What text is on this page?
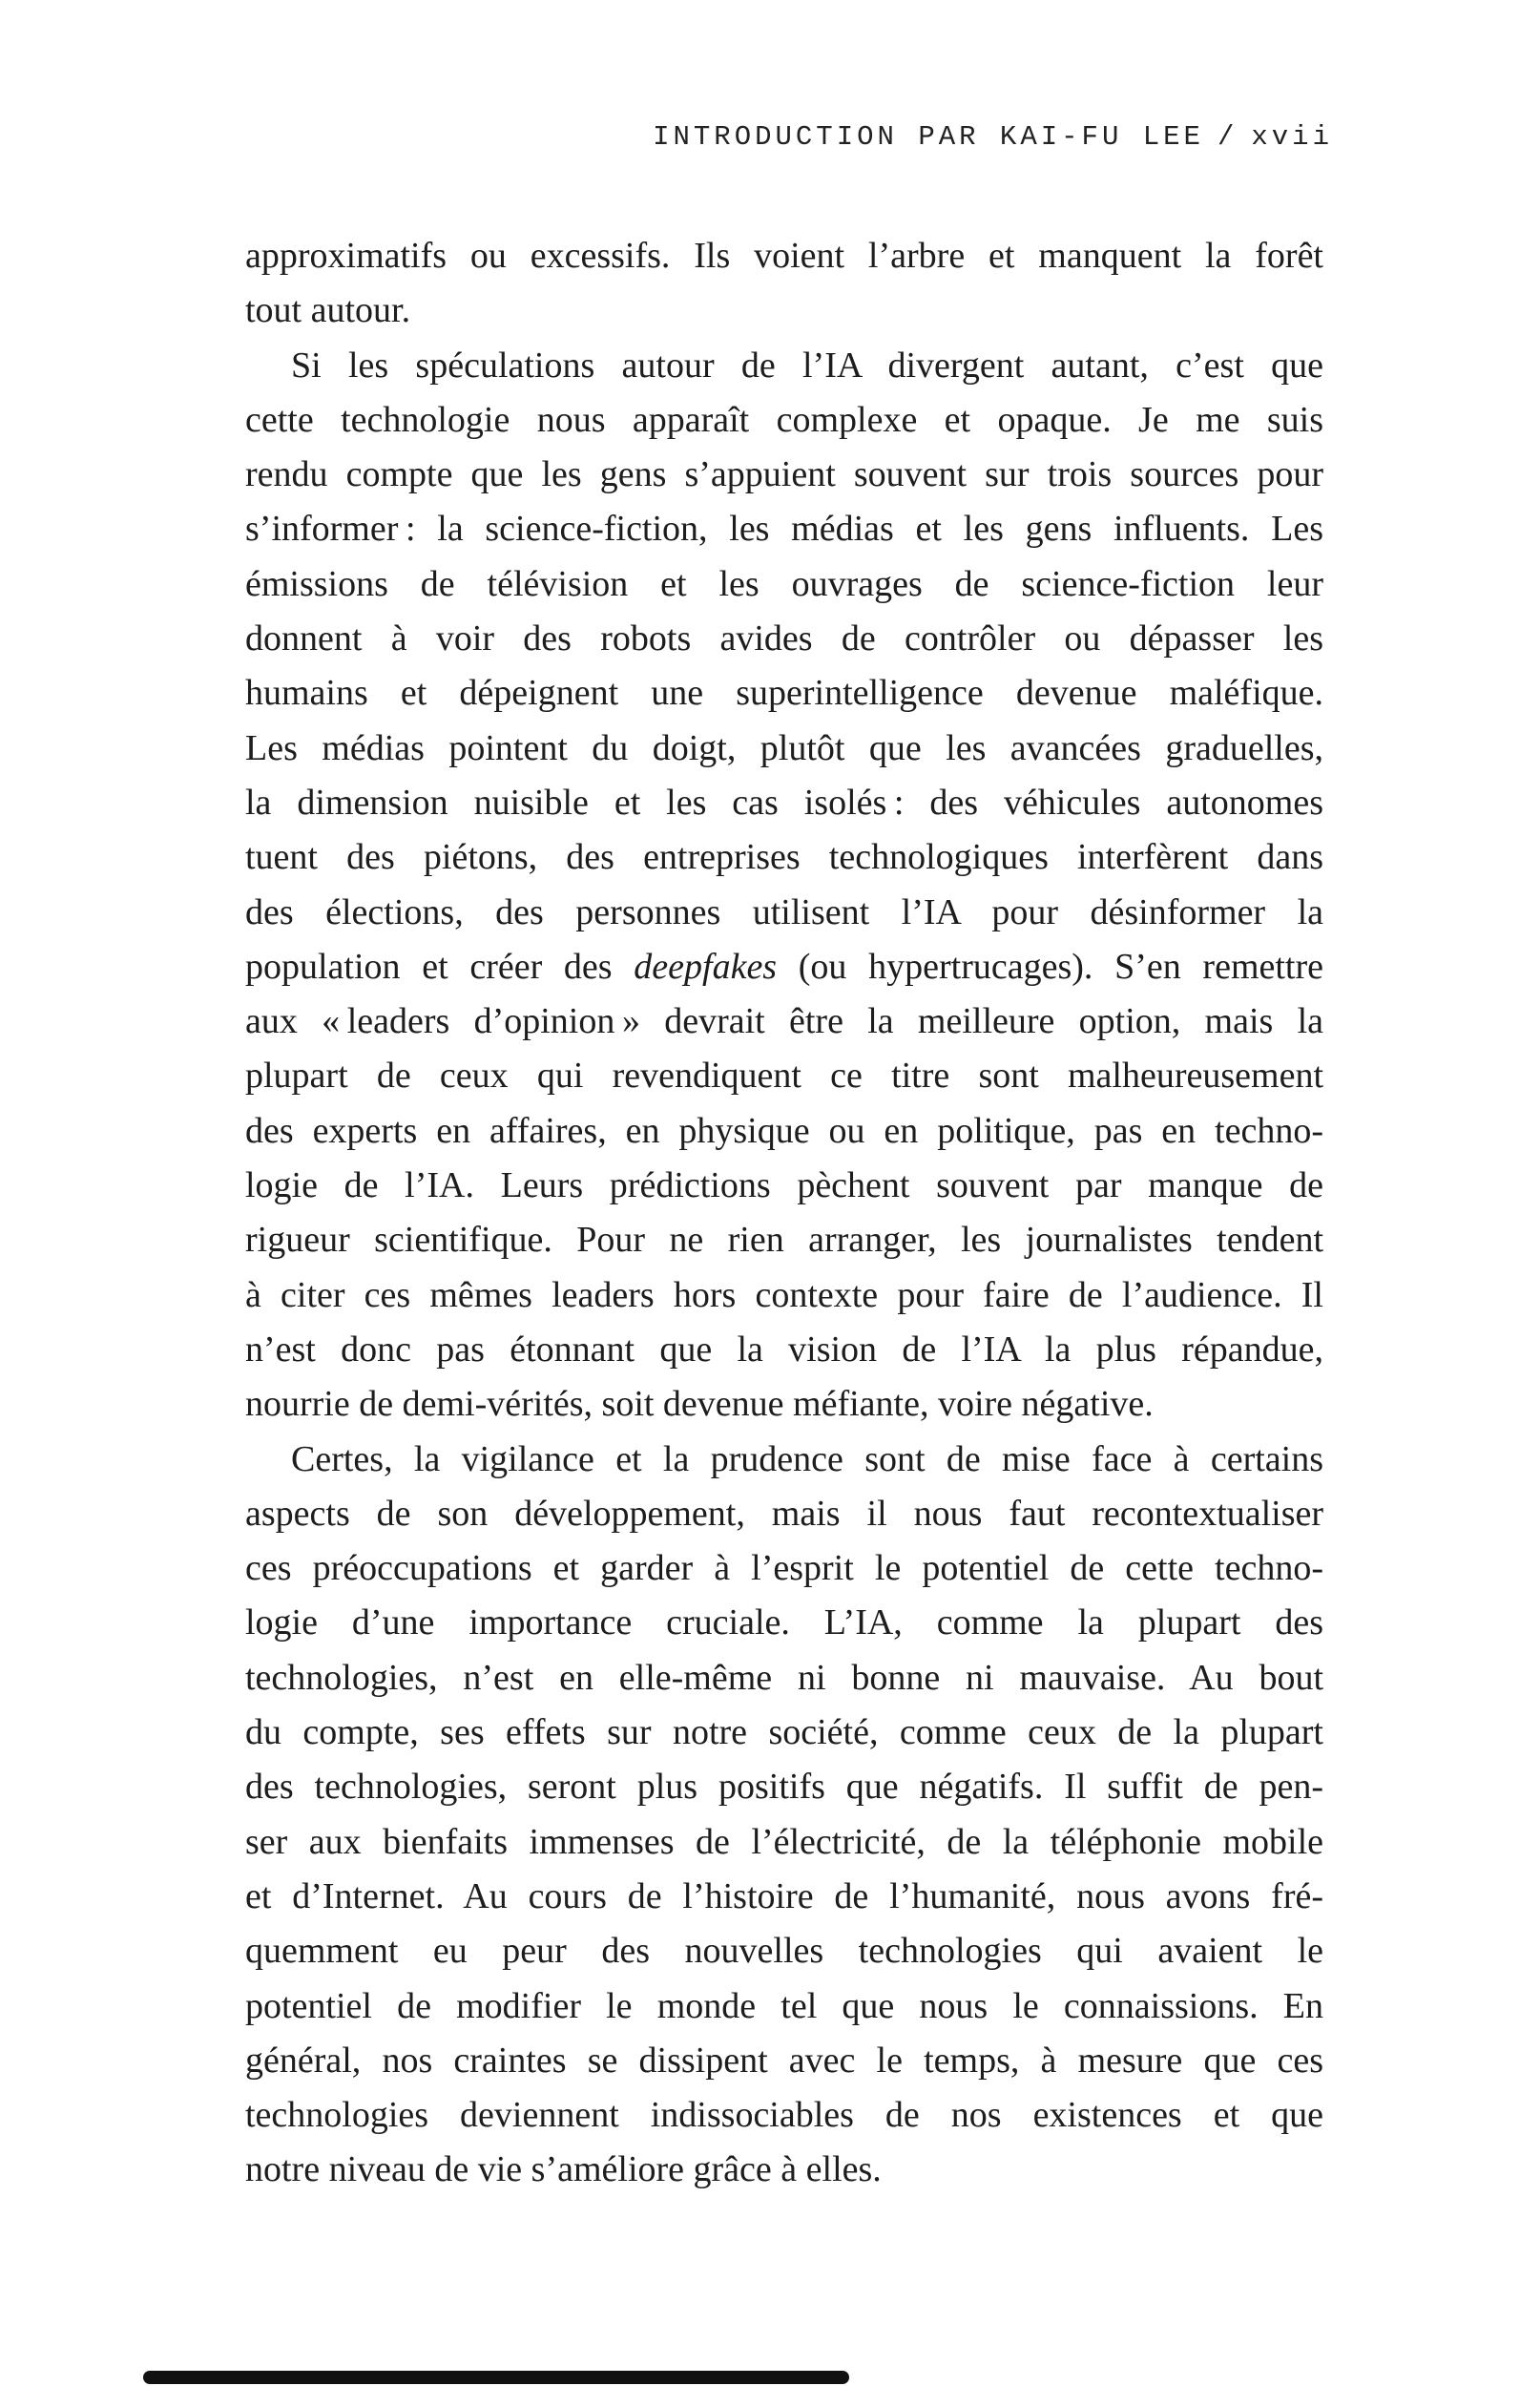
INTRODUCTION PAR KAI-FU LEE / xvii
approximatifs ou excessifs. Ils voient l’arbre et manquent la forêt
tout autour.
Si les spéculations autour de l’IA divergent autant, c’est que
cette technologie nous apparaît complexe et opaque. Je me suis
rendu compte que les gens s’appuient souvent sur trois sources pour
s’informer : la science-fiction, les médias et les gens influents. Les
émissions de télévision et les ouvrages de science-fiction leur
donnent à voir des robots avides de contrôler ou dépasser les
humains et dépeignent une superintelligence devenue maléfique.
Les médias pointent du doigt, plutôt que les avancées graduelles,
la dimension nuisible et les cas isolés : des véhicules autonomes
tuent des piétons, des entreprises technologiques interfèrent dans
des élections, des personnes utilisent l’IA pour désinformer la
population et créer des deepfakes (ou hypertrucages). S’en remettre
aux « leaders d’opinion » devrait être la meilleure option, mais la
plupart de ceux qui revendiquent ce titre sont malheureusement
des experts en affaires, en physique ou en politique, pas en techno-
logie de l’IA. Leurs prédictions pèchent souvent par manque de
rigueur scientifique. Pour ne rien arranger, les journalistes tendent
à citer ces mêmes leaders hors contexte pour faire de l’audience. Il
n’est donc pas étonnant que la vision de l’IA la plus répandue,
nourrie de demi-vérités, soit devenue méfiante, voire négative.
Certes, la vigilance et la prudence sont de mise face à certains
aspects de son développement, mais il nous faut recontextualiser
ces préoccupations et garder à l’esprit le potentiel de cette techno-
logie d’une importance cruciale. L’IA, comme la plupart des
technologies, n’est en elle-même ni bonne ni mauvaise. Au bout
du compte, ses effets sur notre société, comme ceux de la plupart
des technologies, seront plus positifs que négatifs. Il suffit de pen-
ser aux bienfaits immenses de l’électricité, de la téléphonie mobile
et d’Internet. Au cours de l’histoire de l’humanité, nous avons fré-
quemment eu peur des nouvelles technologies qui avaient le
potentiel de modifier le monde tel que nous le connaissions. En
général, nos craintes se dissipent avec le temps, à mesure que ces
technologies deviennent indissociables de nos existences et que
notre niveau de vie s’améliore grâce à elles.
